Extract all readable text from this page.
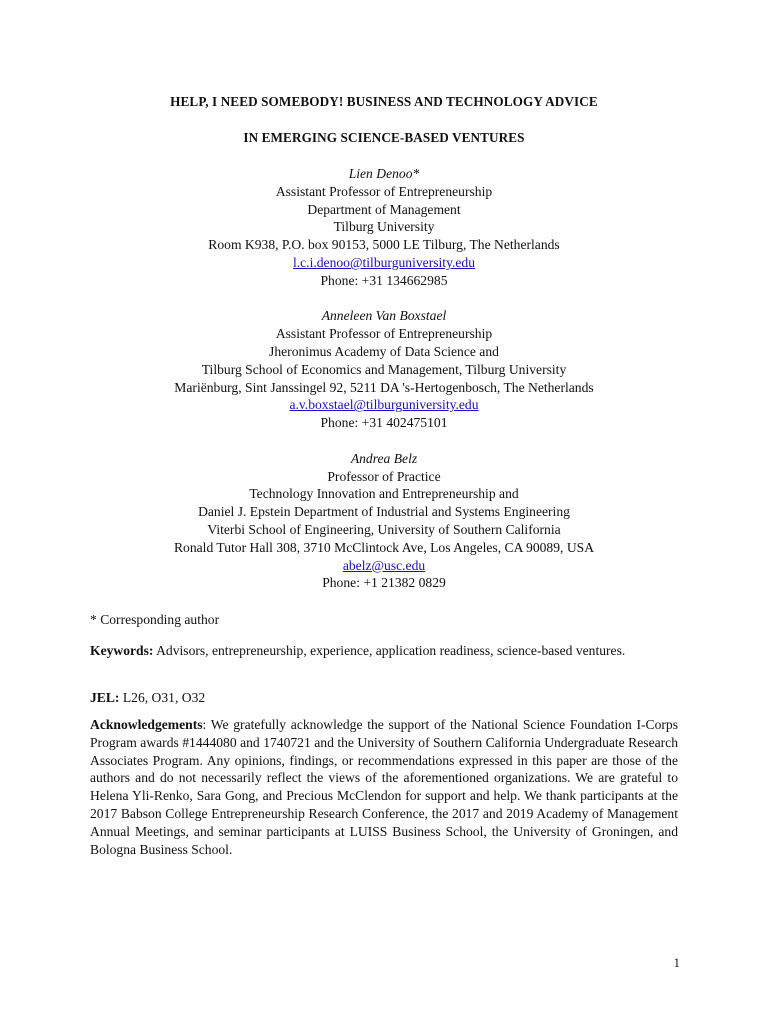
HELP, I NEED SOMEBODY! BUSINESS AND TECHNOLOGY ADVICE
IN EMERGING SCIENCE-BASED VENTURES
Lien Denoo*
Assistant Professor of Entrepreneurship
Department of Management
Tilburg University
Room K938, P.O. box 90153, 5000 LE Tilburg, The Netherlands
l.c.i.denoo@tilburguniversity.edu
Phone: +31 134662985
Anneleen Van Boxstael
Assistant Professor of Entrepreneurship
Jheronimus Academy of Data Science and
Tilburg School of Economics and Management, Tilburg University
Mariënburg, Sint Janssingel 92, 5211 DA 's-Hertogenbosch, The Netherlands
a.v.boxstael@tilburguniversity.edu
Phone: +31 402475101
Andrea Belz
Professor of Practice
Technology Innovation and Entrepreneurship and
Daniel J. Epstein Department of Industrial and Systems Engineering
Viterbi School of Engineering, University of Southern California
Ronald Tutor Hall 308, 3710 McClintock Ave, Los Angeles, CA 90089, USA
abelz@usc.edu
Phone: +1 21382 0829
* Corresponding author
Keywords: Advisors, entrepreneurship, experience, application readiness, science-based ventures.
JEL: L26, O31, O32
Acknowledgements: We gratefully acknowledge the support of the National Science Foundation I-Corps Program awards #1444080 and 1740721 and the University of Southern California Undergraduate Research Associates Program. Any opinions, findings, or recommendations expressed in this paper are those of the authors and do not necessarily reflect the views of the aforementioned organizations. We are grateful to Helena Yli-Renko, Sara Gong, and Precious McClendon for support and help. We thank participants at the 2017 Babson College Entrepreneurship Research Conference, the 2017 and 2019 Academy of Management Annual Meetings, and seminar participants at LUISS Business School, the University of Groningen, and Bologna Business School.
1
